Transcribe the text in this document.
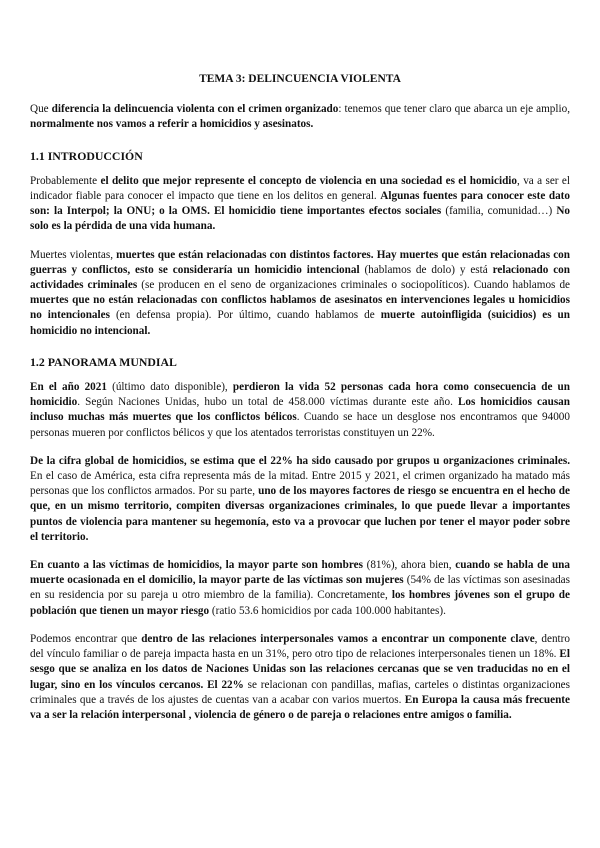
TEMA 3: DELINCUENCIA VIOLENTA

Que diferencia la delincuencia violenta con el crimen organizado: tenemos que tener claro que abarca un eje amplio, normalmente nos vamos a referir a homicidios y asesinatos.

1.1 INTRODUCCIÓN

Probablemente el delito que mejor represente el concepto de violencia en una sociedad es el homicidio, va a ser el indicador fiable para conocer el impacto que tiene en los delitos en general. Algunas fuentes para conocer este dato son: la Interpol; la ONU; o la OMS. El homicidio tiene importantes efectos sociales (familia, comunidad…) No solo es la pérdida de una vida humana.

Muertes violentas, muertes que están relacionadas con distintos factores. Hay muertes que están relacionadas con guerras y conflictos, esto se consideraría un homicidio intencional (hablamos de dolo) y está relacionado con actividades criminales (se producen en el seno de organizaciones criminales o sociopolíticos). Cuando hablamos de muertes que no están relacionadas con conflictos hablamos de asesinatos en intervenciones legales u homicidios no intencionales (en defensa propia). Por último, cuando hablamos de muerte autoinfligida (suicidios) es un homicidio no intencional.

1.2 PANORAMA MUNDIAL

En el año 2021 (último dato disponible), perdieron la vida 52 personas cada hora como consecuencia de un homicidio. Según Naciones Unidas, hubo un total de 458.000 víctimas durante este año. Los homicidios causan incluso muchas más muertes que los conflictos bélicos. Cuando se hace un desglose nos encontramos que 94000 personas mueren por conflictos bélicos y que los atentados terroristas constituyen un 22%.

De la cifra global de homicidios, se estima que el 22% ha sido causado por grupos u organizaciones criminales. En el caso de América, esta cifra representa más de la mitad. Entre 2015 y 2021, el crimen organizado ha matado más personas que los conflictos armados. Por su parte, uno de los mayores factores de riesgo se encuentra en el hecho de que, en un mismo territorio, compiten diversas organizaciones criminales, lo que puede llevar a importantes puntos de violencia para mantener su hegemonía, esto va a provocar que luchen por tener el mayor poder sobre el territorio.

En cuanto a las víctimas de homicidios, la mayor parte son hombres (81%), ahora bien, cuando se habla de una muerte ocasionada en el domicilio, la mayor parte de las víctimas son mujeres (54% de las víctimas son asesinadas en su residencia por su pareja u otro miembro de la familia). Concretamente, los hombres jóvenes son el grupo de población que tienen un mayor riesgo (ratio 53.6 homicidios por cada 100.000 habitantes).

Podemos encontrar que dentro de las relaciones interpersonales vamos a encontrar un componente clave, dentro del vínculo familiar o de pareja impacta hasta en un 31%, pero otro tipo de relaciones interpersonales tienen un 18%. El sesgo que se analiza en los datos de Naciones Unidas son las relaciones cercanas que se ven traducidas no en el lugar, sino en los vínculos cercanos. El 22% se relacionan con pandillas, mafias, carteles o distintas organizaciones criminales que a través de los ajustes de cuentas van a acabar con varios muertos. En Europa la causa más frecuente va a ser la relación interpersonal , violencia de género o de pareja o relaciones entre amigos o familia.
